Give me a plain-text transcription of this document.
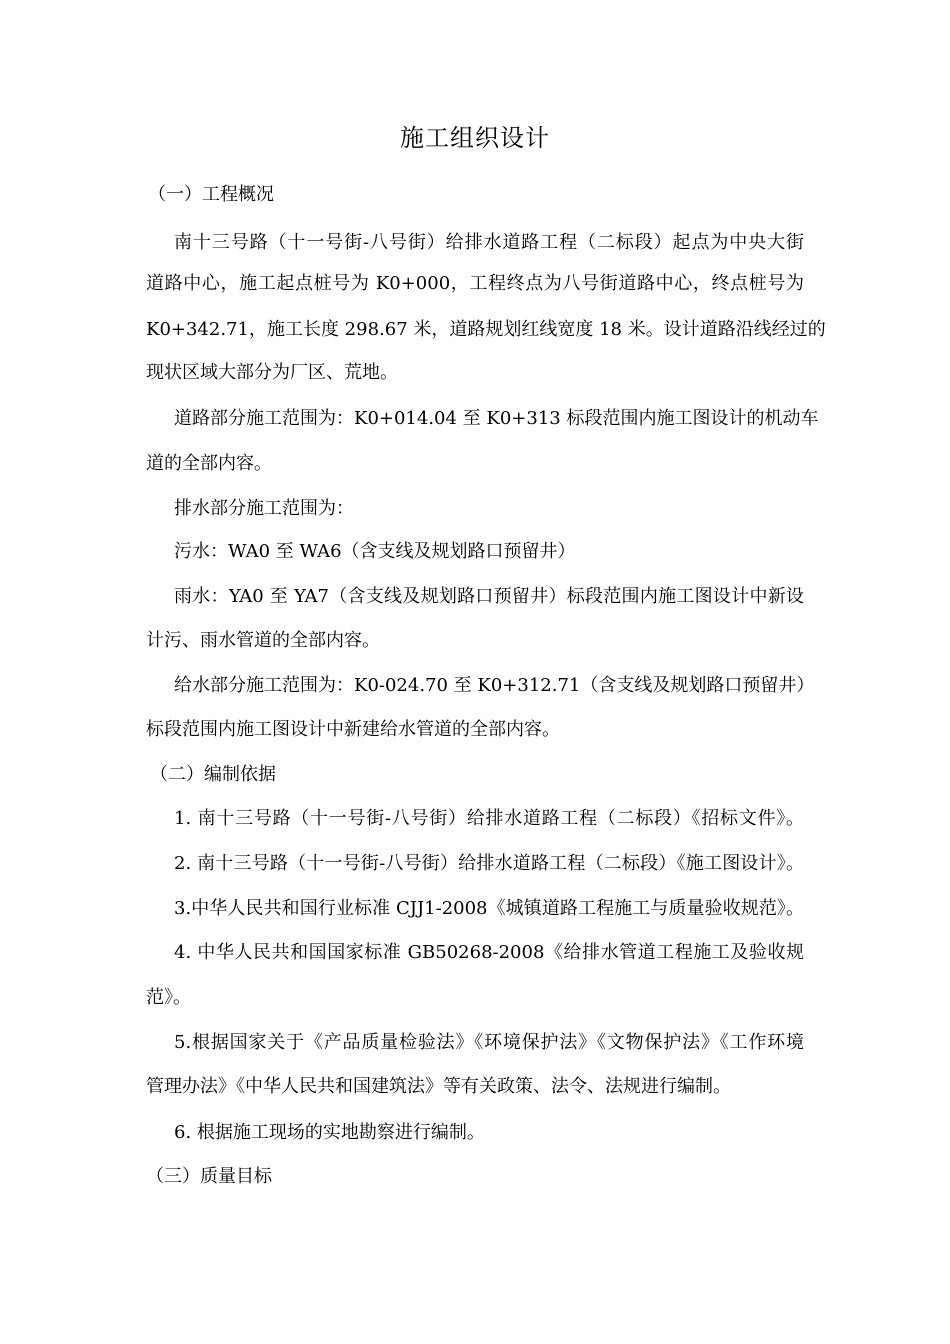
施工组织设计
（一）工程概况
南十三号路（十一号街-八号街）给排水道路工程（二标段）起点为中央大街
道路中心，施工起点桩号为 K0+000，工程终点为八号街道路中心，终点桩号为
K0+342.71，施工长度 298.67 米，道路规划红线宽度 18 米。设计道路沿线经过的
现状区域大部分为厂区、荒地。
道路部分施工范围为：K0+014.04 至 K0+313 标段范围内施工图设计的机动车
道的全部内容。
排水部分施工范围为：
污水：WA0 至 WA6（含支线及规划路口预留井）
雨水：YA0 至 YA7（含支线及规划路口预留井）标段范围内施工图设计中新设
计污、雨水管道的全部内容。
给水部分施工范围为：K0-024.70 至 K0+312.71（含支线及规划路口预留井）
标段范围内施工图设计中新建给水管道的全部内容。
（二）编制依据
1. 南十三号路（十一号街-八号街）给排水道路工程（二标段）《招标文件》。
2. 南十三号路（十一号街-八号街）给排水道路工程（二标段）《施工图设计》。
3.中华人民共和国行业标准 CJJ1-2008《城镇道路工程施工与质量验收规范》。
4. 中华人民共和国国家标准 GB50268-2008《给排水管道工程施工及验收规
范》。
5.根据国家关于《产品质量检验法》《环境保护法》《文物保护法》《工作环境
管理办法》《中华人民共和国建筑法》等有关政策、法令、法规进行编制。
6. 根据施工现场的实地勘察进行编制。
（三）质量目标
